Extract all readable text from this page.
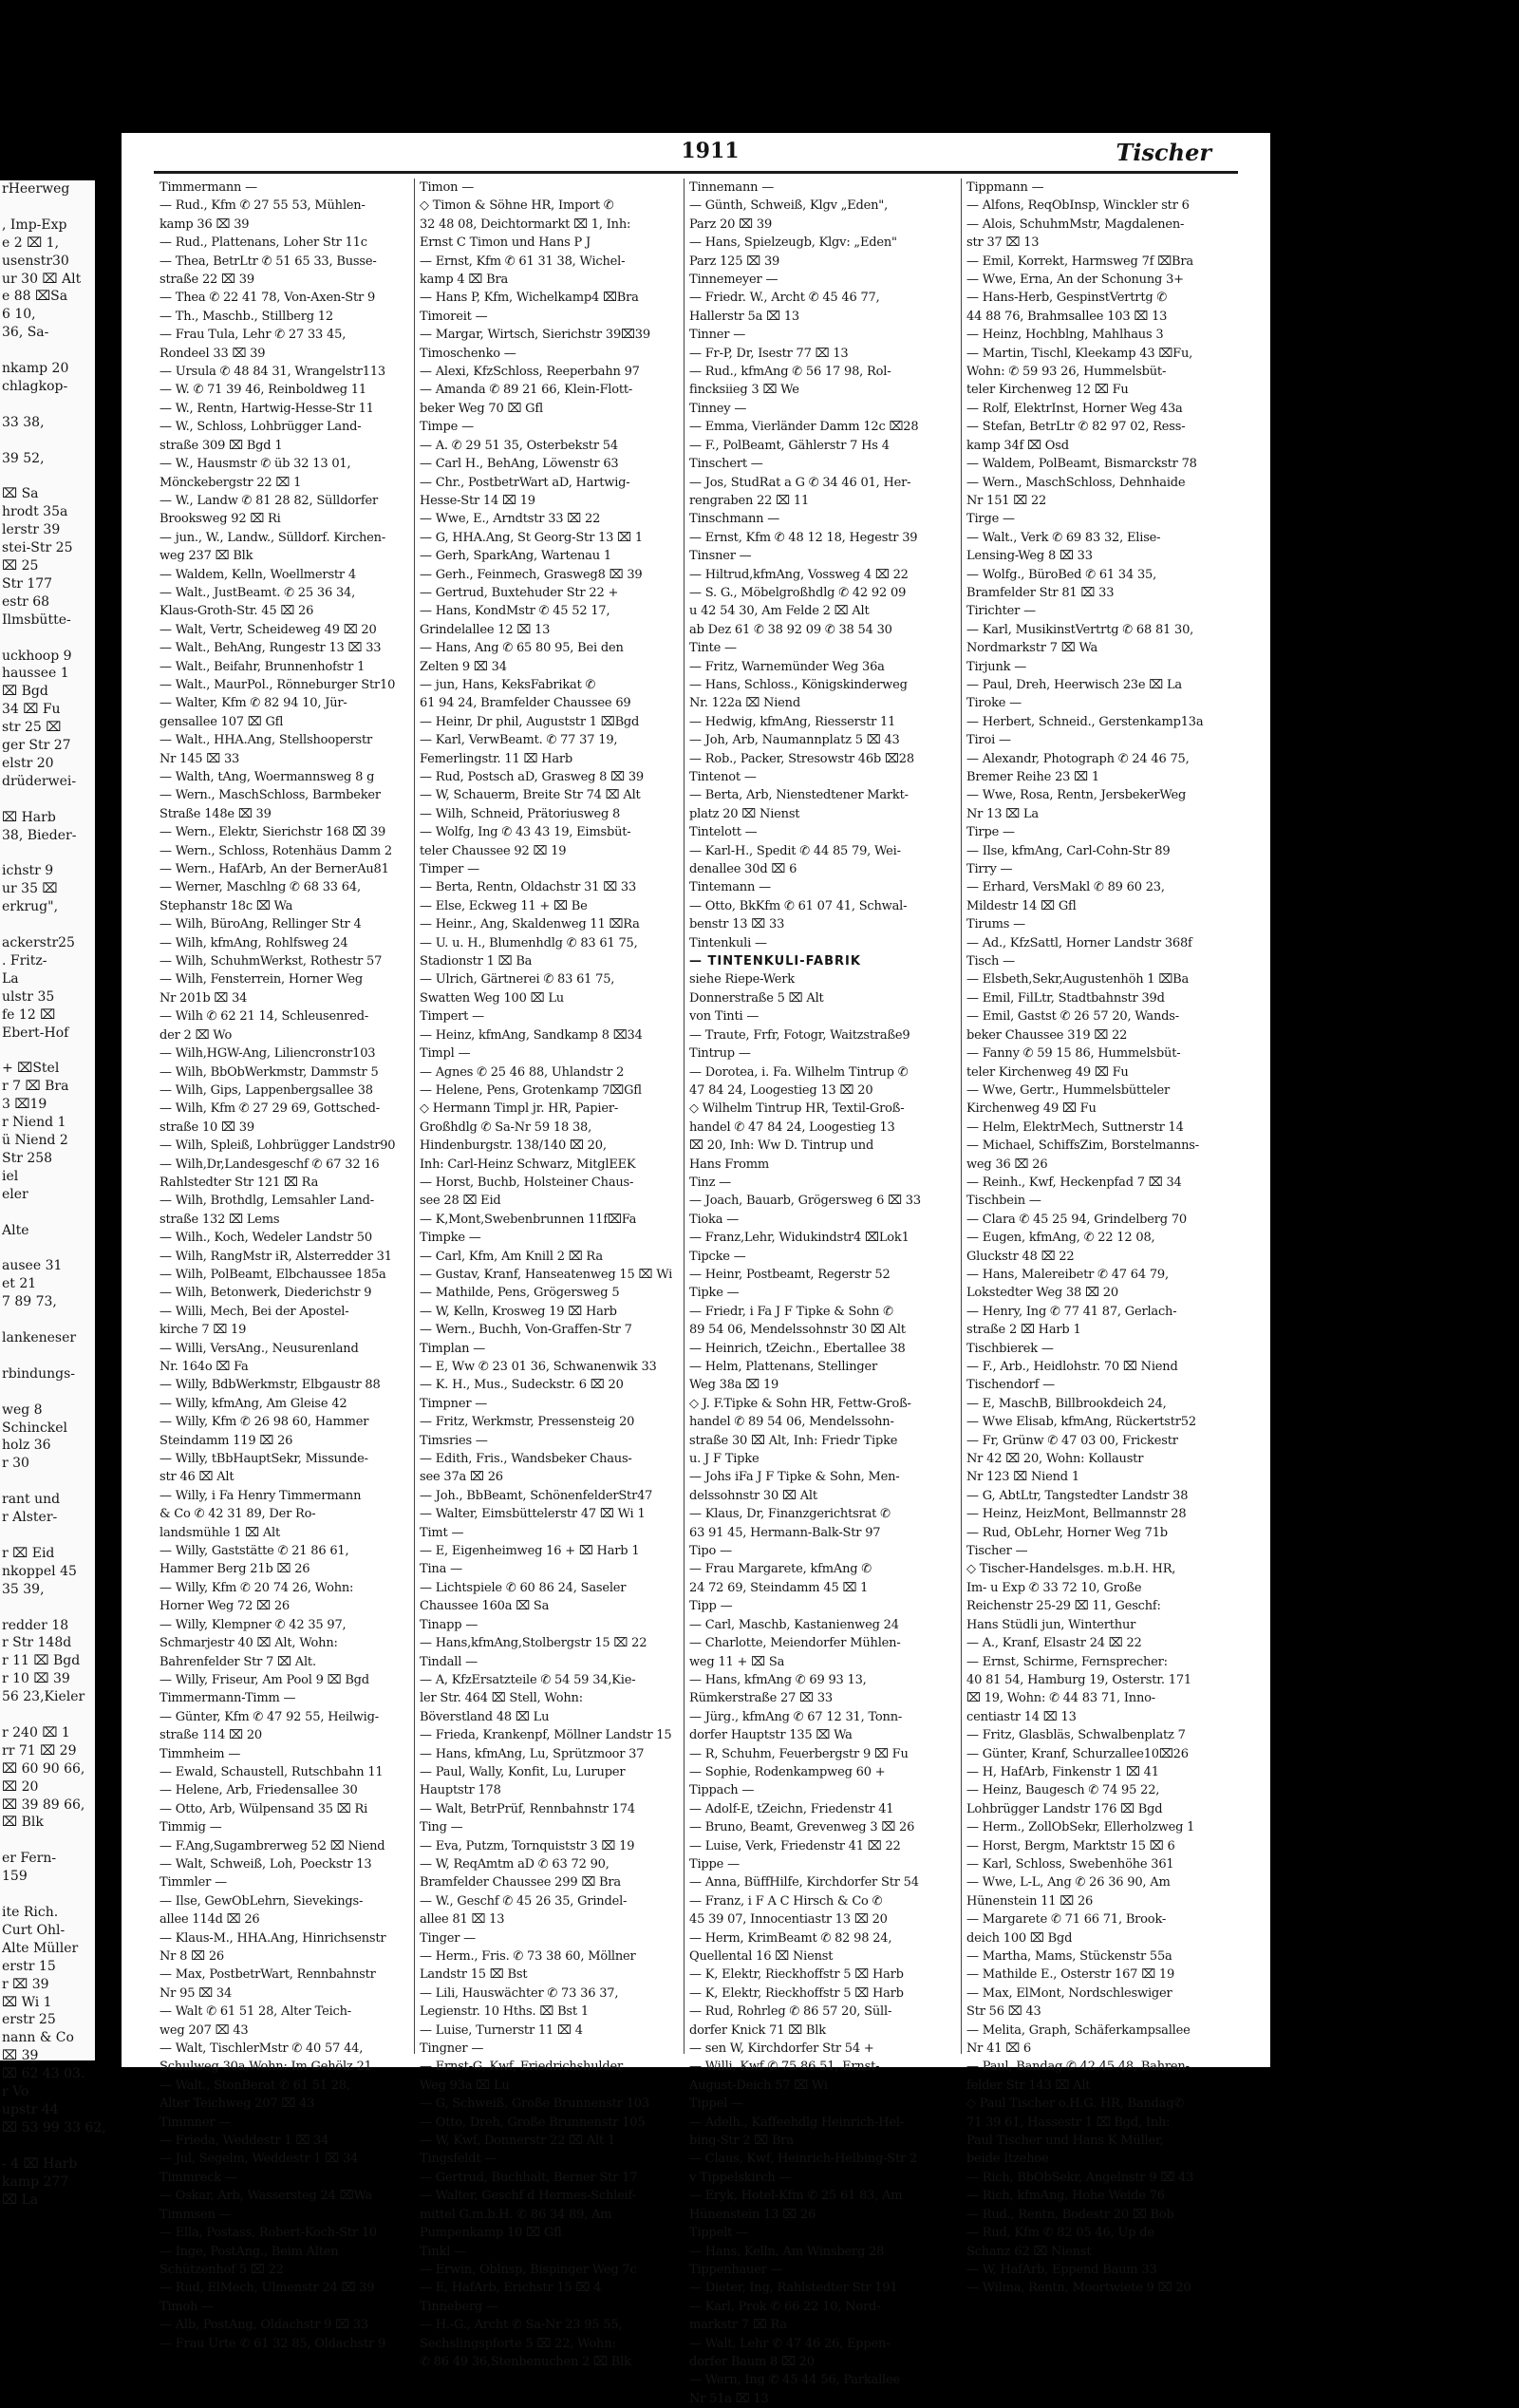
rHeerweg

, Imp-Exp
e 2 ⌧ 1,
usenstr30
ur 30 ⌧ Alt
e 88 ⌧Sa
6 10,
36, Sa-

nkamp 20
chlagkop-

33 38,

39 52,

⌧ Sa
hrodt 35a
lerstr 39
stei-Str 25
⌧ 25
Str 177
estr 68
Ilmsbütte-

uckhoop 9
haussee 1
⌧ Bgd
34 ⌧ Fu
str 25 ⌧
ger Str 27
elstr 20
drüderwei-

⌧ Harb
38, Bieder-

ichstr 9
ur 35 ⌧
erkrug",

ackerstr25
. Fritz-
La
ulstr 35
fe 12 ⌧
Ebert-Hof

+ ⌧Stel
r 7 ⌧ Bra
3 ⌧19
r Niend 1
ü Niend 2
Str 258
iel
eler

Alte

ausee 31
et 21
7 89 73,

lankeneser

rbindungs-

weg 8
Schinckel
holz 36
r 30

rant und
r Alster-

r ⌧ Eid
nkoppel 45
35 39,

redder 18
r Str 148d
r 11 ⌧ Bgd
r 10 ⌧ 39
56 23,Kieler

r 240 ⌧ 1
rr 71 ⌧ 29
⌧ 60 90 66,
⌧ 20
⌧ 39 89 66,
⌧ Blk

er Fern-
159

ite Rich.
Curt Ohl-
Alte Müller
erstr 15
r ⌧ 39
⌧ Wi 1
erstr 25
nann & Co
⌧ 39
⌧ 62 43 03.
r Vo
upstr 44
⌧ 53 99 33 62,

- 4 ⌧ Harb
kamp 277
⌧ La
1911	Tischer
Timmermann —
— Rud., Kfm ✆ 27 55 53, Mühlen-
kamp 36 ⌧ 39
— Rud., Plattenans, Loher Str 11c
— Thea, BetrLtr ✆ 51 65 33, Busse-
straße 22 ⌧ 39
— Thea ✆ 22 41 78, Von-Axen-Str 9
— Th., Maschb., Stillberg 12
— Frau Tula, Lehr ✆ 27 33 45,
Rondeel 33 ⌧ 39
— Ursula ✆ 48 84 31, Wrangelstr113
— W. ✆ 71 39 46, Reinboldweg 11
— W., Rentn, Hartwig-Hesse-Str 11
— W., Schloss, Lohbrügger Land-
straße 309 ⌧ Bgd 1
— W., Hausmstr ✆ üb 32 13 01,
Mönckebergstr 22 ⌧ 1
— W., Landw ✆ 81 28 82, Sülldorfer
Brooksweg 92 ⌧ Ri
— jun., W., Landw., Sülldorf. Kirchen-
weg 237 ⌧ Blk
— Waldem, Kelln, Woellmerstr 4
— Walt., JustBeamt. ✆ 25 36 34,
Klaus-Groth-Str. 45 ⌧ 26
— Walt, Vertr, Scheideweg 49 ⌧ 20
— Walt., BehAng, Rungestr 13 ⌧ 33
— Walt., Beifahr, Brunnenhofstr 1
— Walt., MaurPol., Rönneburger Str10
— Walter, Kfm ✆ 82 94 10, Jür-
gensallee 107 ⌧ Gfl
— Walt., HHA.Ang, Stellshooperstr
Nr 145 ⌧ 33
— Walth, tAng, Woermannsweg 8 g
— Wern., MaschSchloss, Barmbeker
Straße 148e ⌧ 39
— Wern., Elektr, Sierichstr 168 ⌧ 39
— Wern., Schloss, Rotenhäus Damm 2
— Wern., HafArb, An der BernerAu81
— Werner, Maschlng ✆ 68 33 64,
Stephanstr 18c ⌧ Wa
— Wilh, BüroAng, Rellinger Str 4
— Wilh, kfmAng, Rohlfsweg 24
— Wilh, SchuhmWerkst, Rothestr 57
— Wilh, Fensterrein, Horner Weg
Nr 201b ⌧ 34
— Wilh ✆ 62 21 14, Schleusenred-
der 2 ⌧ Wo
— Wilh,HGW-Ang, Liliencronstr103
— Wilh, BbObWerkmstr, Dammstr 5
— Wilh, Gips, Lappenbergsallee 38
— Wilh, Kfm ✆ 27 29 69, Gottsched-
straße 10 ⌧ 39
— Wilh, Spleiß, Lohbrügger Landstr90
— Wilh,Dr,Landesgeschf ✆ 67 32 16
Rahlstedter Str 121 ⌧ Ra
— Wilh, Brothdlg, Lemsahler Land-
straße 132 ⌧ Lems
— Wilh., Koch, Wedeler Landstr 50
— Wilh, RangMstr iR, Alsterredder 31
— Wilh, PolBeamt, Elbchaussee 185a
— Wilh, Betonwerk, Diederichstr 9
— Willi, Mech, Bei der Apostel-
kirche 7 ⌧ 19
— Willi, VersAng., Neusurenland
Nr. 164o ⌧ Fa
— Willy, BdbWerkmstr, Elbgaustr 88
— Willy, kfmAng, Am Gleise 42
— Willy, Kfm ✆ 26 98 60, Hammer
Steindamm 119 ⌧ 26
— Willy, tBbHauptSekr, Missunde-
str 46 ⌧ Alt
— Willy, i Fa Henry Timmermann
& Co ✆ 42 31 89, Der Ro-
landsmühle 1 ⌧ Alt
— Willy, Gaststätte ✆ 21 86 61,
Hammer Berg 21b ⌧ 26
— Willy, Kfm ✆ 20 74 26, Wohn:
Horner Weg 72 ⌧ 26
— Willy, Klempner ✆ 42 35 97,
Schmarjestr 40 ⌧ Alt, Wohn:
Bahrenfelder Str 7 ⌧ Alt.
— Willy, Friseur, Am Pool 9 ⌧ Bgd
Timmermann-Timm —
— Günter, Kfm ✆ 47 92 55, Heilwig-
straße 114 ⌧ 20
Timmheim —
— Ewald, Schaustell, Rutschbahn 11
— Helene, Arb, Friedensallee 30
— Otto, Arb, Wülpensand 35 ⌧ Ri
Timmig —
— F.Ang,Sugambrerweg 52 ⌧ Niend
— Walt, Schweiß, Loh, Poeckstr 13
Timmler —
— Ilse, GewObLehrn, Sievekings-
allee 114d ⌧ 26
— Klaus-M., HHA.Ang, Hinrichsenstr
Nr 8 ⌧ 26
— Max, PostbetrWart, Rennbahnstr
Nr 95 ⌧ 34
— Walt ✆ 61 51 28, Alter Teich-
weg 207 ⌧ 43
— Walt, TischlerMstr ✆ 40 57 44,
Schulweg 30a,Wohn: Im Gehölz 21
— Walt., StonBerat ✆ 61 51 28,
Alter Teichweg 207 ⌧ 43
Timmner —
— Frieda, Weddestr 1 ⌧ 34
— Jul, Segelm, Weddestr 1 ⌧ 34
Timmreck —
— Oskar, Arb, Wassersteg 24 ⌧Wa
Timmsen —
— Ella, Postass, Robert-Koch-Str 10
— Inge, PostAng., Beim Alten
Schützenhof 5 ⌧ 22
— Rud, ElMech, Ulmenstr 24 ⌧ 39
Timoh —
— Alb, PostAng, Oldachstr 9 ⌧ 33
— Frau Urte ✆ 61 32 85, Oldachstr 9
Timon —
◇ Timon & Söhne HR, Import ✆
32 48 08, Deichtormarkt ⌧ 1, Inh:
Ernst C Timon und Hans P J
— Ernst, Kfm ✆ 61 31 38, Wichel-
kamp 4 ⌧ Bra
— Hans P, Kfm, Wichelkamp4 ⌧Bra
Timoreit —
— Margar, Wirtsch, Sierichstr 39⌧39
Timoschenko —
— Alexi, KfzSchloss, Reeperbahn 97
— Amanda ✆ 89 21 66, Klein-Flott-
beker Weg 70 ⌧ Gfl
Timpe —
— A. ✆ 29 51 35, Osterbekstr 54
— Carl H., BehAng, Löwenstr 63
— Chr., PostbetrWart aD, Hartwig-
Hesse-Str 14 ⌧ 19
— Wwe, E., Arndtstr 33 ⌧ 22
— G, HHA.Ang, St Georg-Str 13 ⌧ 1
— Gerh, SparkAng, Wartenau 1
— Gerh., Feinmech, Grasweg8 ⌧ 39
— Gertrud, Buxtehuder Str 22 +
— Hans, KondMstr ✆ 45 52 17,
Grindelallee 12 ⌧ 13
— Hans, Ang ✆ 65 80 95, Bei den
Zelten 9 ⌧ 34
— jun, Hans, KeksFabrikat ✆
61 94 24, Bramfelder Chaussee 69
— Heinr, Dr phil, Auguststr 1 ⌧Bgd
— Karl, VerwBeamt. ✆ 77 37 19,
Femerlingstr. 11 ⌧ Harb
— Rud, Postsch aD, Grasweg 8 ⌧ 39
— W, Schauerm, Breite Str 74 ⌧ Alt
— Wilh, Schneid, Prätoriusweg 8
— Wolfg, Ing ✆ 43 43 19, Eimsbüt-
teler Chaussee 92 ⌧ 19
Timper —
— Berta, Rentn, Oldachstr 31 ⌧ 33
— Else, Eckweg 11 + ⌧ Be
— Heinr., Ang, Skaldenweg 11 ⌧Ra
— U. u. H., Blumenhdlg ✆ 83 61 75,
Stadionstr 1 ⌧ Ba
— Ulrich, Gärtnerei ✆ 83 61 75,
Swatten Weg 100 ⌧ Lu
Timpert —
— Heinz, kfmAng, Sandkamp 8 ⌧34
Timpl —
— Agnes ✆ 25 46 88, Uhlandstr 2
— Helene, Pens, Grotenkamp 7⌧Gfl
◇ Hermann Timpl jr. HR, Papier-
Großhdlg ✆ Sa-Nr 59 18 38,
Hindenburgstr. 138/140 ⌧ 20,
Inh: Carl-Heinz Schwarz, MitglEEK
— Horst, Buchb, Holsteiner Chaus-
see 28 ⌧ Eid
— K,Mont,Swebenbrunnen 11f⌧Fa
Timpke —
— Carl, Kfm, Am Knill 2 ⌧ Ra
— Gustav, Kranf, Hanseatenweg 15 ⌧ Wi
— Mathilde, Pens, Grögersweg 5
— W, Kelln, Krosweg 19 ⌧ Harb
— Wern., Buchh, Von-Graffen-Str 7
Timplan —
— E, Ww ✆ 23 01 36, Schwanenwik 33
— K. H., Mus., Sudeckstr. 6 ⌧ 20
Timpner —
— Fritz, Werkmstr, Pressensteig 20
Timsries —
— Edith, Fris., Wandsbeker Chaus-
see 37a ⌧ 26
— Joh., BbBeamt, SchönenfelderStr47
— Walter, Eimsbüttelerstr 47 ⌧ Wi 1
Timt —
— E, Eigenheimweg 16 + ⌧ Harb 1
Tina —
— Lichtspiele ✆ 60 86 24, Saseler
Chaussee 160a ⌧ Sa
Tinapp —
— Hans,kfmAng,Stolbergstr 15 ⌧ 22
Tindall —
— A, KfzErsatzteile ✆ 54 59 34,Kie-
ler Str. 464 ⌧ Stell, Wohn:
Böverstland 48 ⌧ Lu
— Frieda, Krankenpf, Möllner Landstr 15
— Hans, kfmAng, Lu, Sprützmoor 37
— Paul, Wally, Konfit, Lu, Luruper
Hauptstr 178
— Walt, BetrPrüf, Rennbahnstr 174
Ting —
— Eva, Putzm, Tornquiststr 3 ⌧ 19
— W, ReqAmtm aD ✆ 63 72 90,
Bramfelder Chaussee 299 ⌧ Bra
— W., Geschf ✆ 45 26 35, Grindel-
allee 81 ⌧ 13
Tinger —
— Herm., Fris. ✆ 73 38 60, Möllner
Landstr 15 ⌧ Bst
— Lili, Hauswächter ✆ 73 36 37,
Legienstr. 10 Hths. ⌧ Bst 1
— Luise, Turnerstr 11 ⌧ 4
Tingner —
— Ernst-G, Kwf, Friedrichshulder
Weg 93a ⌧ Lu
— G, Schweiß, Große Brunnenstr 103
— Otto, Dreh, Große Brunnenstr 105
— W, Kwf, Donnerstr 22 ⌧ Alt 1
Tingsfeldt —
— Gertrud, Buchhalt, Berner Str 17
— Walter, Geschf d Hermes-Schleif-
mittel G.m.b.H. ✆ 86 34 89, Am
Pumpenkamp 10 ⌧ Gfl
Tinkl —
— Erwin, Oblnsp, Bispinger Weg 7c
— E, HafArb, Erichstr 15 ⌧ 4
Tinneberg —
— H.-G., Archt ✆ Sa-Nr 23 95 55,
Sechslingspforte 5 ⌧ 22, Wohn:
✆ 86 49 36,Stenbenuchen 2 ⌧ Blk
Tinnemann —
— Günth, Schweiß, Klgv „Eden",
Parz 20 ⌧ 39
— Hans, Spielzeugb, Klgv: „Eden"
Parz 125 ⌧ 39
Tinnemeyer —
— Friedr. W., Archt ✆ 45 46 77,
Hallerstr 5a ⌧ 13
Tinner —
— Fr-P, Dr, Isestr 77 ⌧ 13
— Rud., kfmAng ✆ 56 17 98, Rol-
fincksiieg 3 ⌧ We
Tinney —
— Emma, Vierländer Damm 12c ⌧28
— F., PolBeamt, Gählerstr 7 Hs 4
Tinschert —
— Jos, StudRat a G ✆ 34 46 01, Her-
rengraben 22 ⌧ 11
Tinschmann —
— Ernst, Kfm ✆ 48 12 18, Hegestr 39
Tinsner —
— Hiltrud,kfmAng, Vossweg 4 ⌧ 22
— S. G., Möbelgroßhdlg ✆ 42 92 09
u 42 54 30, Am Felde 2 ⌧ Alt
ab Dez 61 ✆ 38 92 09 ✆ 38 54 30
Tinte —
— Fritz, Warnemünder Weg 36a
— Hans, Schloss., Königskinderweg
Nr. 122a ⌧ Niend
— Hedwig, kfmAng, Riesserstr 11
— Joh, Arb, Naumannplatz 5 ⌧ 43
— Rob., Packer, Stresowstr 46b ⌧28
Tintenot —
— Berta, Arb, Nienstedtener Markt-
platz 20 ⌧ Nienst
Tintelott —
— Karl-H., Spedit ✆ 44 85 79, Wei-
denallee 30d ⌧ 6
Tintemann —
— Otto, BkKfm ✆ 61 07 41, Schwal-
benstr 13 ⌧ 33
Tintenkuli —
— TINTENKULI-FABRIK
siehe Riepe-Werk
Donnerstraße 5 ⌧ Alt
von Tinti —
— Traute, Frfr, Fotogr, Waitzstraße9
Tintrup —
— Dorotea, i. Fa. Wilhelm Tintrup ✆
47 84 24, Loogestieg 13 ⌧ 20
◇ Wilhelm Tintrup HR, Textil-Groß-
handel ✆ 47 84 24, Loogestieg 13
⌧ 20, Inh: Ww D. Tintrup und
Hans Fromm
Tinz —
— Joach, Bauarb, Grögersweg 6 ⌧ 33
Tioka —
— Franz,Lehr, Widukindstr4 ⌧Lok1
Tipcke —
— Heinr, Postbeamt, Regerstr 52
Tipke —
— Friedr, i Fa J F Tipke & Sohn ✆
89 54 06, Mendelssohnstr 30 ⌧ Alt
— Heinrich, tZeichn., Ebertallee 38
— Helm, Plattenans, Stellinger
Weg 38a ⌧ 19
◇ J. F.Tipke & Sohn HR, Fettw-Groß-
handel ✆ 89 54 06, Mendelssohn-
straße 30 ⌧ Alt, Inh: Friedr Tipke
u. J F Tipke
— Johs iFa J F Tipke & Sohn, Men-
delssohnstr 30 ⌧ Alt
— Klaus, Dr, Finanzgerichtsrat ✆
63 91 45, Hermann-Balk-Str 97
Tipo —
— Frau Margarete, kfmAng ✆
24 72 69, Steindamm 45 ⌧ 1
Tipp —
— Carl, Maschb, Kastanienweg 24
— Charlotte, Meiendorfer Mühlen-
weg 11 + ⌧ Sa
— Hans, kfmAng ✆ 69 93 13,
Rümkerstraße 27 ⌧ 33
— Jürg., kfmAng ✆ 67 12 31, Tonn-
dorfer Hauptstr 135 ⌧ Wa
— R, Schuhm, Feuerbergstr 9 ⌧ Fu
— Sophie, Rodenkampweg 60 +
Tippach —
— Adolf-E, tZeichn, Friedenstr 41
— Bruno, Beamt, Grevenweg 3 ⌧ 26
— Luise, Verk, Friedenstr 41 ⌧ 22
Tippe —
— Anna, BüffHilfe, Kirchdorfer Str 54
— Franz, i F A C Hirsch & Co ✆
45 39 07, Innocentiastr 13 ⌧ 20
— Herm, KrimBeamt ✆ 82 98 24,
Quellental 16 ⌧ Nienst
— K, Elektr, Rieckhoffstr 5 ⌧ Harb
— K, Elektr, Rieckhoffstr 5 ⌧ Harb
— Rud, Rohrleg ✆ 86 57 20, Süll-
dorfer Knick 71 ⌧ Blk
— sen W, Kirchdorfer Str 54 +
— Willi, Kwf ✆ 75 86 51, Ernst-
August-Deich 57 ⌧ Wi
Tippel —
— Adelh., Kaffeehdlg Heinrich-Hel-
bing-Str 2 ⌧ Bra
— Claus, Kwf, Heinrich-Helbing-Str 2
v Tippelskirch —
— Eryk, Hotel-Kfm ✆ 25 61 83, Am
Hünenstein 13 ⌧ 26
Tippelt —
— Hans, Kelln, Am Winsberg 28
Tippenhauer —
— Dieter, Ing, Rahlstedter Str 191
— Karl, Prok ✆ 66 22 10, Nord-
markstr 7 ⌧ Ra
— Walt, Lehr ✆ 47 46 26, Eppen-
dorfer Baum 8 ⌧ 20
— Wern, Ing ✆ 45 44 56, Parkallee
Nr 51a ⌧ 13
Tippmann —
— Alfons, ReqObInsp, Winckler str 6
— Alois, SchuhmMstr, Magdalenen-
str 37 ⌧ 13
— Emil, Korrekt, Harmsweg 7f ⌧Bra
— Wwe, Erna, An der Schonung 3+
— Hans-Herb, GespinstVertrtg ✆
44 88 76, Brahmsallee 103 ⌧ 13
— Heinz, Hochblng, Mahlhaus 3
— Martin, Tischl, Kleekamp 43 ⌧Fu,
Wohn: ✆ 59 93 26, Hummelsbüt-
teler Kirchenweg 12 ⌧ Fu
— Rolf, ElektrInst, Horner Weg 43a
— Stefan, BetrLtr ✆ 82 97 02, Ress-
kamp 34f ⌧ Osd
— Waldem, PolBeamt, Bismarckstr 78
— Wern., MaschSchloss, Dehnhaide
Nr 151 ⌧ 22
Tirge —
— Walt., Verk ✆ 69 83 32, Elise-
Lensing-Weg 8 ⌧ 33
— Wolfg., BüroBed ✆ 61 34 35,
Bramfelder Str 81 ⌧ 33
Tirichter —
— Karl, MusikinstVertrtg ✆ 68 81 30,
Nordmarkstr 7 ⌧ Wa
Tirjunk —
— Paul, Dreh, Heerwisch 23e ⌧ La
Tiroke —
— Herbert, Schneid., Gerstenkamp13a
Tiroi —
— Alexandr, Photograph ✆ 24 46 75,
Bremer Reihe 23 ⌧ 1
— Wwe, Rosa, Rentn, JersbekerWeg
Nr 13 ⌧ La
Tirpe —
— Ilse, kfmAng, Carl-Cohn-Str 89
Tirry —
— Erhard, VersMakl ✆ 89 60 23,
Mildestr 14 ⌧ Gfl
Tirums —
— Ad., KfzSattl, Horner Landstr 368f
Tisch —
— Elsbeth,Sekr,Augustenhöh 1 ⌧Ba
— Emil, FilLtr, Stadtbahnstr 39d
— Emil, Gastst ✆ 26 57 20, Wands-
beker Chaussee 319 ⌧ 22
— Fanny ✆ 59 15 86, Hummelsbüt-
teler Kirchenweg 49 ⌧ Fu
— Wwe, Gertr., Hummelsbütteler
Kirchenweg 49 ⌧ Fu
— Helm, ElektrMech, Suttnerstr 14
— Michael, SchiffsZim, Borstelmanns-
weg 36 ⌧ 26
— Reinh., Kwf, Heckenpfad 7 ⌧ 34
Tischbein —
— Clara ✆ 45 25 94, Grindelberg 70
— Eugen, kfmAng, ✆ 22 12 08,
Gluckstr 48 ⌧ 22
— Hans, Malereibetr ✆ 47 64 79,
Lokstedter Weg 38 ⌧ 20
— Henry, Ing ✆ 77 41 87, Gerlach-
straße 2 ⌧ Harb 1
Tischbierek —
— F., Arb., Heidlohstr. 70 ⌧ Niend
Tischendorf —
— E, MaschB, Billbrookdeich 24,
— Wwe Elisab, kfmAng, Rückertstr52
— Fr, Grünw ✆ 47 03 00, Frickestr
Nr 42 ⌧ 20, Wohn: Kollaustr
Nr 123 ⌧ Niend 1
— G, AbtLtr, Tangstedter Landstr 38
— Heinz, HeizMont, Bellmannstr 28
— Rud, ObLehr, Horner Weg 71b
Tischer —
◇ Tischer-Handelsges. m.b.H. HR,
Im- u Exp ✆ 33 72 10, Große
Reichenstr 25-29 ⌧ 11, Geschf:
Hans Stüdli jun, Winterthur
— A., Kranf, Elsastr 24 ⌧ 22
— Ernst, Schirme, Fernsprecher:
40 81 54, Hamburg 19, Osterstr. 171
⌧ 19, Wohn: ✆ 44 83 71, Inno-
centiastr 14 ⌧ 13
— Fritz, Glasbläs, Schwalbenplatz 7
— Günter, Kranf, Schurzallee10⌧26
— H, HafArb, Finkenstr 1 ⌧ 41
— Heinz, Baugesch ✆ 74 95 22,
Lohbrügger Landstr 176 ⌧ Bgd
— Herm., ZollObSekr, Ellerholzweg 1
— Horst, Bergm, Marktstr 15 ⌧ 6
— Karl, Schloss, Swebenhöhe 361
— Wwe, L-L, Ang ✆ 26 36 90, Am
Hünenstein 11 ⌧ 26
— Margarete ✆ 71 66 71, Brook-
deich 100 ⌧ Bgd
— Martha, Mams, Stückenstr 55a
— Mathilde E., Osterstr 167 ⌧ 19
— Max, ElMont, Nordschleswiger
Str 56 ⌧ 43
— Melita, Graph, Schäferkampsallee
Nr 41 ⌧ 6
— Paul, Bandag ✆ 42 45 48, Bahren-
felder Str 143 ⌧ Alt
◇ Paul Tischer o.H.G. HR, Bandag✆
71 39 61, Hassestr 1 ⌧ Bgd, Inh:
Paul Tischer und Hans K Müller,
beide Itzehoe
— Rich, BbObSekr, Angelnstr 9 ⌧ 43
— Rich, kfmAng, Hohe Weide 76
— Rud., Rentn, Bodestr 20 ⌧ Bob
— Rud, Kfm ✆ 82 05 46, Up de
Schanz 62 ⌧ Nienst
— W, HafArb, Eppend Baum 33
— Wilma, Rentn, Moortwiete 9 ⌧ 20
